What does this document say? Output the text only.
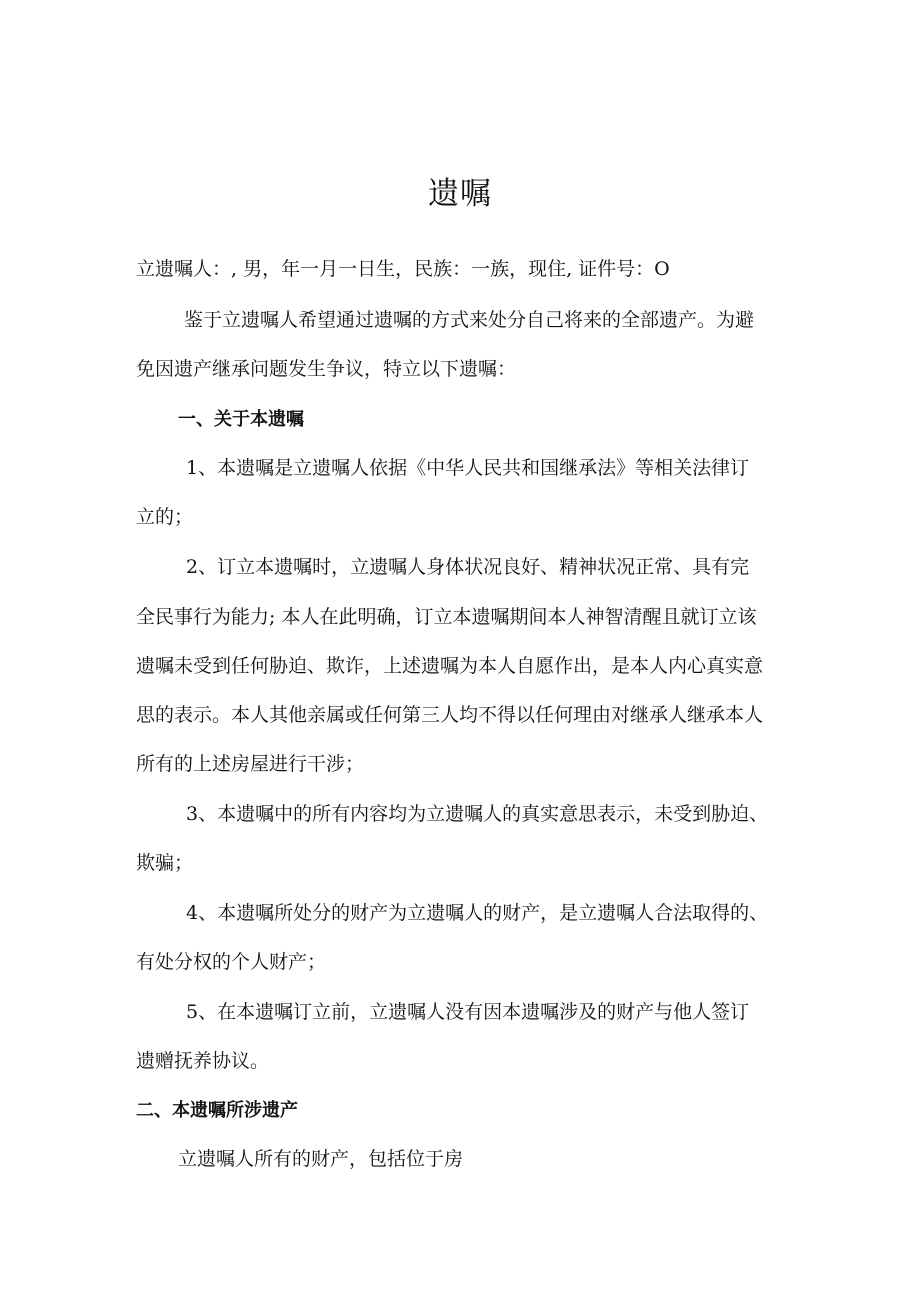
遗嘱
立遗嘱人：, 男，年一月一日生，民族：一族，现住, 证件号：O
鉴于立遗嘱人希望通过遗嘱的方式来处分自己将来的全部遗产。为避
免因遗产继承问题发生争议，特立以下遗嘱：
一、关于本遗嘱
1、本遗嘱是立遗嘱人依据《中华人民共和国继承法》等相关法律订
立的；
2、订立本遗嘱时，立遗嘱人身体状况良好、精神状况正常、具有完
全民事行为能力; 本人在此明确，订立本遗嘱期间本人神智清醒且就订立该
遗嘱未受到任何胁迫、欺诈，上述遗嘱为本人自愿作出，是本人内心真实意
思的表示。本人其他亲属或任何第三人均不得以任何理由对继承人继承本人
所有的上述房屋进行干涉；
3、本遗嘱中的所有内容均为立遗嘱人的真实意思表示，未受到胁迫、
欺骗；
4、本遗嘱所处分的财产为立遗嘱人的财产，是立遗嘱人合法取得的、
有处分权的个人财产；
5、在本遗嘱订立前，立遗嘱人没有因本遗嘱涉及的财产与他人签订
遗赠抚养协议。
二、本遗嘱所涉遗产
立遗嘱人所有的财产，包括位于房
